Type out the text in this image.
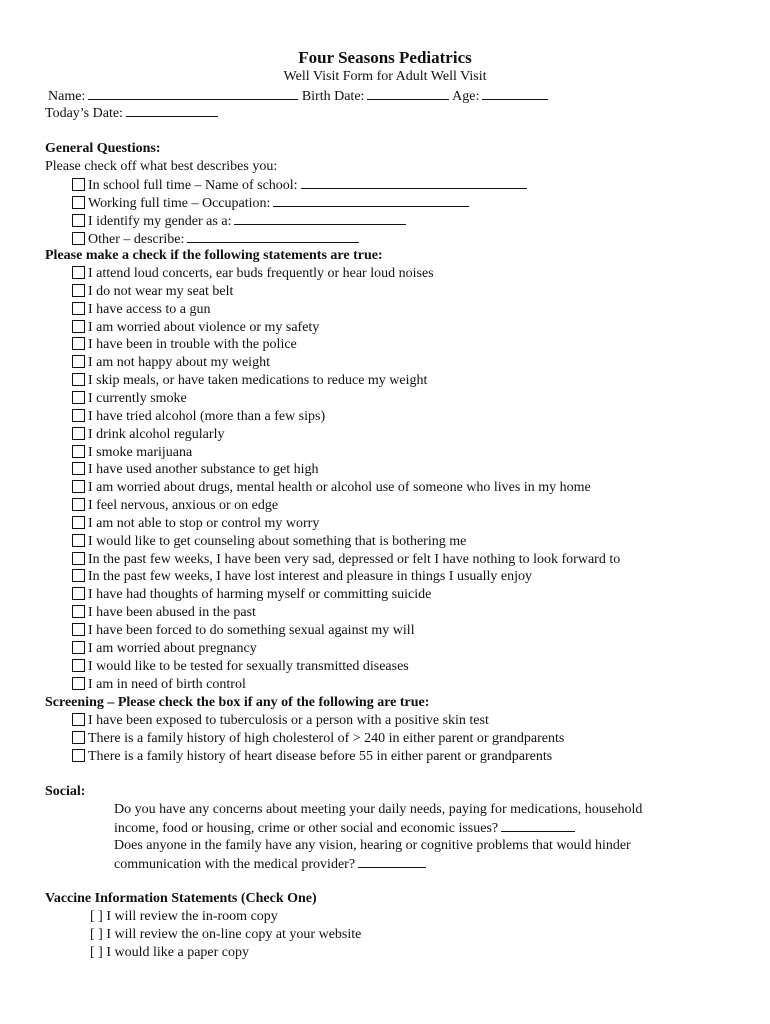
Four Seasons Pediatrics
Well Visit Form for Adult Well Visit
Name:	Birth Date:	Age:
Today’s Date:
General Questions:
Please check off what best describes you:
In school full time – Name of school:
Working full time – Occupation:
I identify my gender as a:
Other – describe:
Please make a check if the following statements are true:
I attend loud concerts, ear buds frequently or hear loud noises
I do not wear my seat belt
I have access to a gun
I am worried about violence or my safety
I have been in trouble with the police
I am not happy about my weight
I skip meals, or have taken medications to reduce my weight
I currently smoke
I have tried alcohol (more than a few sips)
I drink alcohol regularly
I smoke marijuana
I have used another substance to get high
I am worried about drugs, mental health or alcohol use of someone who lives in my home
I feel nervous, anxious or on edge
I am not able to stop or control my worry
I would like to get counseling about something that is bothering me
In the past few weeks, I have been very sad, depressed or felt I have nothing to look forward to
In the past few weeks, I have lost interest and pleasure in things I usually enjoy
I have had thoughts of harming myself or committing suicide
I have been abused in the past
I have been forced to do something sexual against my will
I am worried about pregnancy
I would like to be tested for sexually transmitted diseases
I am in need of birth control
Screening – Please check the box if any of the following are true:
I have been exposed to tuberculosis or a person with a positive skin test
There is a family history of high cholesterol of > 240 in either parent or grandparents
There is a family history of heart disease before 55 in either parent or grandparents
Social:
Do you have any concerns about meeting your daily needs, paying for medications, household
income, food or housing, crime or other social and economic issues?
Does anyone in the family have any vision, hearing or cognitive problems that would hinder
communication with the medical provider?
Vaccine Information Statements (Check One)
[ ] I will review the in-room copy
[ ] I will review the on-line copy at your website
[ ] I would like a paper copy
